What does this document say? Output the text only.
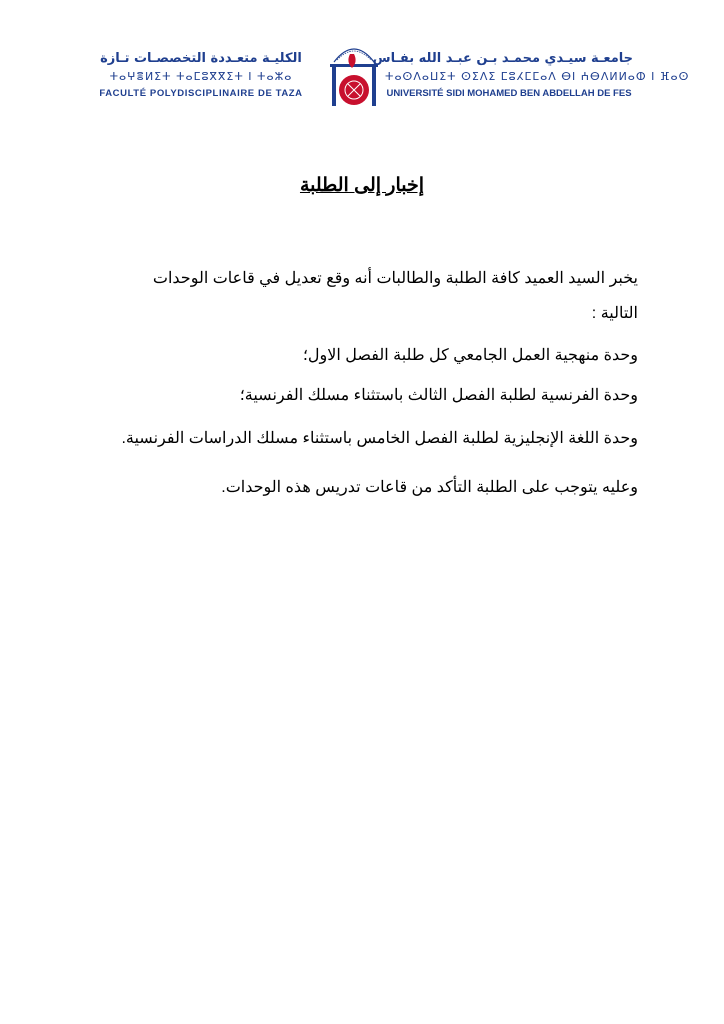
الكليـة متعـددة التخصصـات تـازة
ⵜⴰⵖⴻⵍⵉⵜ ⵜⴰⵎⵓⴳⴳⵉⵜ ⵏ ⵜⴰⵣⴰ
FACULTÉ POLYDISCIPLINAIRE DE TAZA
جامعـة سيـدي محمـد بـن عبـد الله بفـاس
ⵜⴰⵙⴷⴰⵡⵉⵜ ⵙⵉⴷⵉ ⵎⵓⵃⵎⵎⴰⴷ ⴱⵏ ⵄⴱⴷⵍⵍⴰⵀ ⵏ ⴼⴰⵙ
UNIVERSITÉ SIDI MOHAMED BEN ABDELLAH DE FES
إخبار إلى الطلبة
يخبر السيد العميد كافة الطلبة والطالبات أنه وقع تعديل في قاعات الوحدات
التالية :
وحدة منهجية العمل الجامعي كل طلبة الفصل الاول؛
وحدة الفرنسية لطلبة الفصل الثالث باستثناء مسلك الفرنسية؛
وحدة اللغة الإنجليزية لطلبة الفصل الخامس باستثناء مسلك الدراسات الفرنسية.
وعليه يتوجب على الطلبة التأكد من قاعات تدريس هذه الوحدات.
